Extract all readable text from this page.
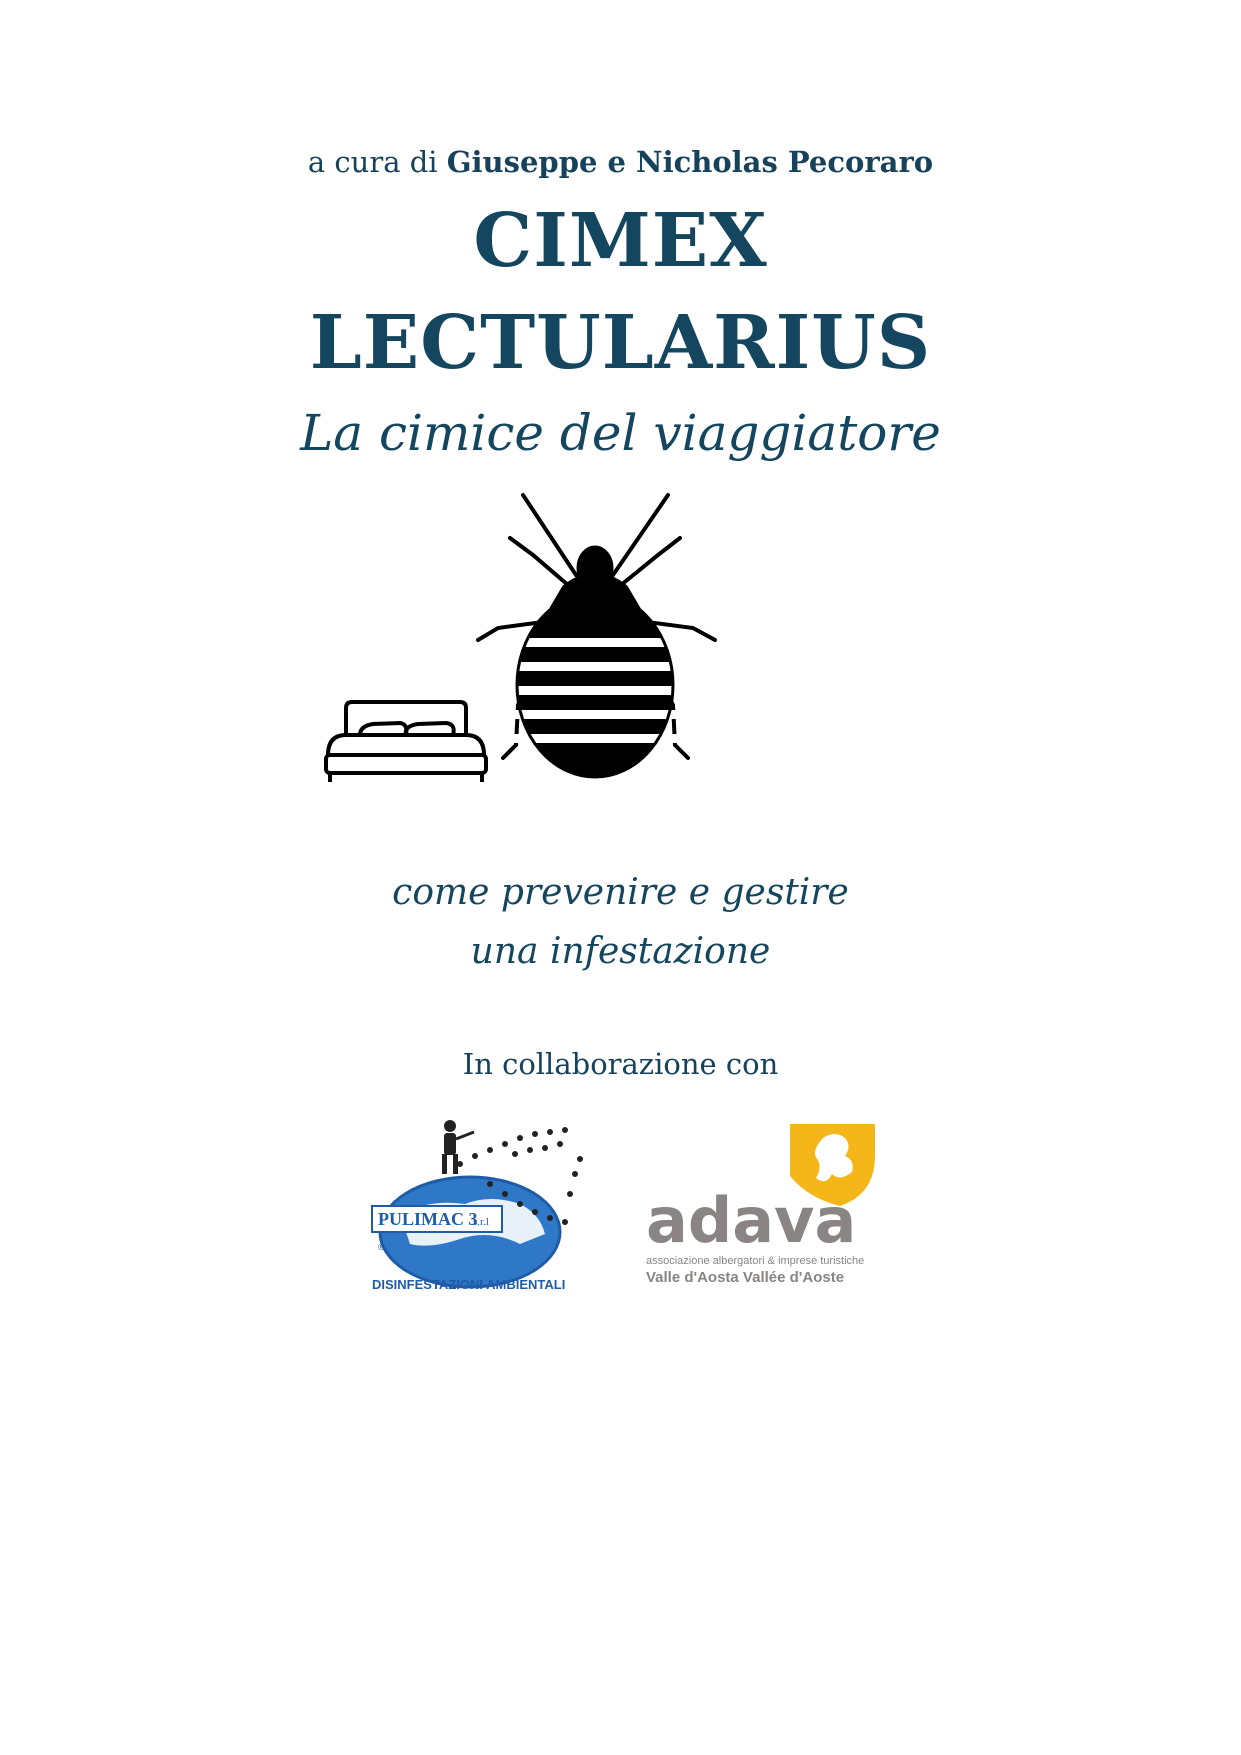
a cura di Giuseppe e Nicholas Pecoraro
CIMEX
LECTULARIUS
La cimice del viaggiatore
come prevenire e gestire
una infestazione
In collaborazione con
PULIMAC 3
s.r.l
®
DISINFESTAZIONI AMBIENTALI
adava
associazione albergatori & imprese turistiche
Valle d'Aosta Vallée d'Aoste
